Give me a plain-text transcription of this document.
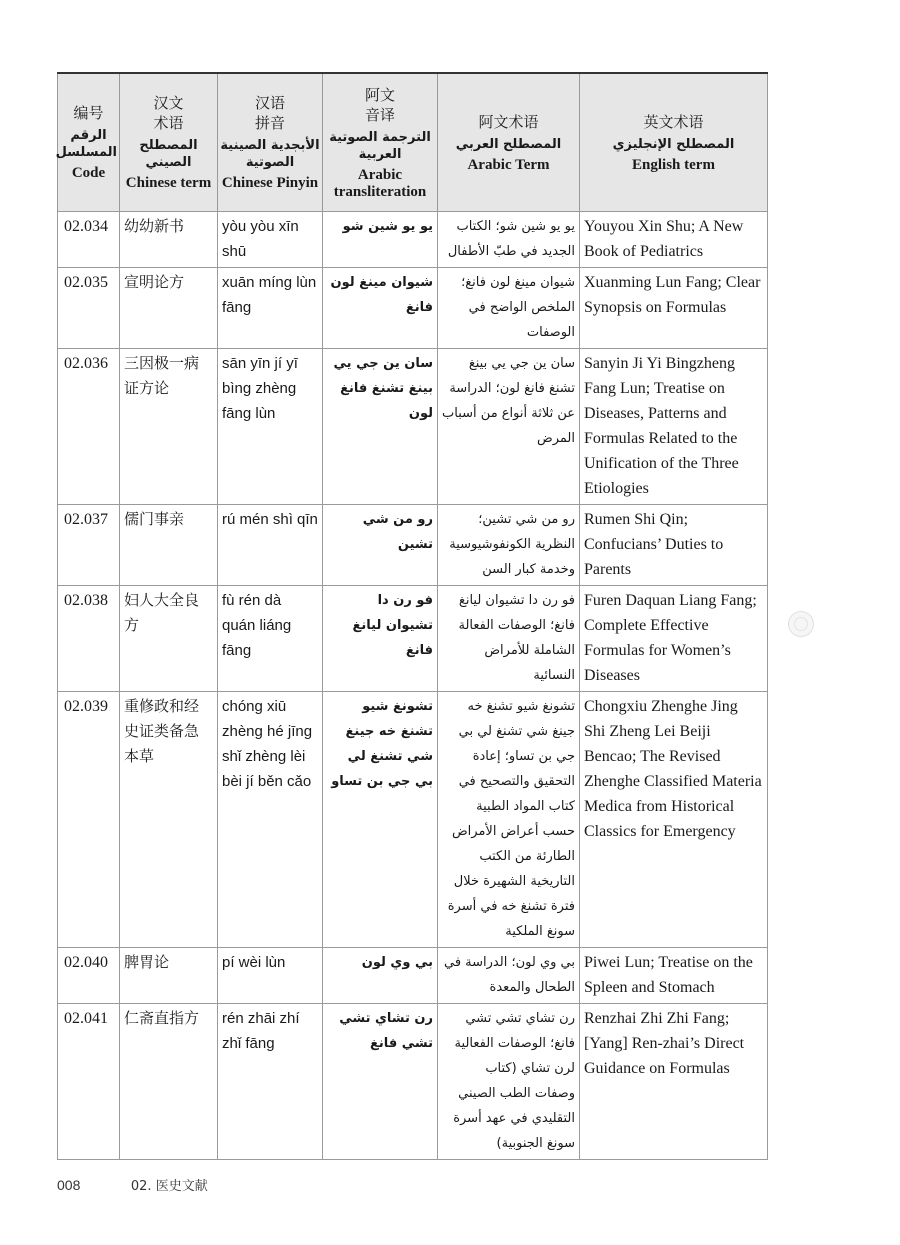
编号
الرقم المسلسل
Code	汉文
术语
المصطلح الصيني
Chinese term	汉语
拼音
الأبجدية الصينية الصوتية
Chinese Pinyin	阿文
音译
الترجمة الصوتية العربية
Arabic transliteration	阿文术语
المصطلح العربي
Arabic Term	英文术语
المصطلح الإنجليزي
English term

02.034	幼幼新书	yòu yòu xīn shū	يو يو شين شو	يو يو شين شو؛ الكتاب الجديد في طبّ الأطفال	Youyou Xin Shu; A New Book of Pediatrics
02.035	宣明论方	xuān míng lùn fāng	شيوان مينغ لون فانغ	شيوان مينغ لون فانغ؛ الملخص الواضح في الوصفات	Xuanming Lun Fang; Clear Synopsis on Formulas
02.036	三因极一病证方论	sān yīn jí yī bìng zhèng fāng lùn	سان ين جي يي بينغ تشنغ فانغ لون	سان ين جي يي بينغ تشنغ فانغ لون؛ الدراسة عن ثلاثة أنواع من أسباب المرض	Sanyin Ji Yi Bingzheng Fang Lun; Treatise on Diseases, Patterns and Formulas Related to the Unification of the Three Etiologies
02.037	儒门事亲	rú mén shì qīn	رو من شي تشين	رو من شي تشين؛ النظرية الكونفوشيوسية وخدمة كبار السن	Rumen Shi Qin; Confucians’ Duties to Parents
02.038	妇人大全良方	fù rén dà quán liáng fāng	فو رن دا تشيوان ليانغ فانغ	فو رن دا تشيوان ليانغ فانغ؛ الوصفات الفعالة الشاملة للأمراض النسائية	Furen Daquan Liang Fang; Complete Effective Formulas for Women’s Diseases
02.039	重修政和经史证类备急本草	chóng xiū zhèng hé jīng shǐ zhèng lèi bèi jí běn cǎo	تشونغ شيو تشنغ خه جينغ شي تشنغ لي بي جي بن تساو	تشونغ شيو تشنغ خه جينغ شي تشنغ لي بي جي بن تساو؛ إعادة التحقيق والتصحيح في كتاب المواد الطبية حسب أعراض الأمراض الطارئة من الكتب التاريخية الشهيرة خلال فترة تشنغ خه في أسرة سونغ الملكية	Chongxiu Zhenghe Jing Shi Zheng Lei Beiji Bencao; The Revised Zhenghe Classified Materia Medica from Historical Classics for Emergency
02.040	脾胃论	pí wèi lùn	بي وي لون	بي وي لون؛ الدراسة في الطحال والمعدة	Piwei Lun; Treatise on the Spleen and Stomach
02.041	仁斋直指方	rén zhāi zhí zhǐ fāng	رن تشاي تشي تشي فانغ	رن تشاي تشي تشي فانغ؛ الوصفات الفعالية لرن تشاي (كتاب وصفات الطب الصيني التقليدي في عهد أسرة سونغ الجنوبية)	Renzhai Zhi Zhi Fang; [Yang] Ren-zhai’s Direct Guidance on Formulas
008	02. 医史文献
